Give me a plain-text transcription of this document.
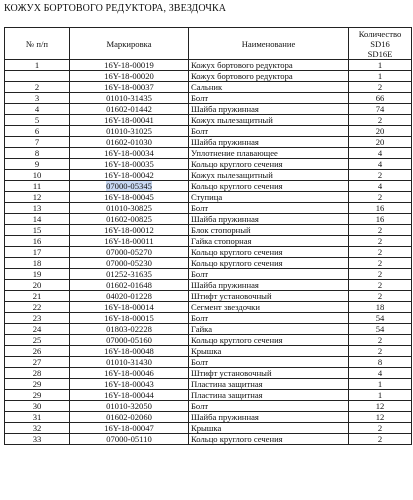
КОЖУХ БОРТОВОГО РЕДУКТОРА, ЗВЕЗДОЧКА
№ п/п	Маркировка	Наименование	Количество
SD16
SD16E

1	16Y-18-00019	Кожух бортового редуктора	1
	16Y-18-00020	Кожух бортового редуктора	1
2	16Y-18-00037	Сальник	2
3	01010-31435	Болт	66
4	01602-01442	Шайба пружинная	74
5	16Y-18-00041	Кожух пылезащитный	2
6	01010-31025	Болт	20
7	01602-01030	Шайба пружинная	20
8	16Y-18-00034	Уплотнение плавающее	4
9	16Y-18-00035	Кольцо круглого сечения	4
10	16Y-18-00042	Кожух пылезащитный	2
11	07000-05345	Кольцо круглого сечения	4
12	16Y-18-00045	Ступица	2
13	01010-30825	Болт	16
14	01602-00825	Шайба пружинная	16
15	16Y-18-00012	Блок стопорный	2
16	16Y-18-00011	Гайка стопорная	2
17	07000-05270	Кольцо круглого сечения	2
18	07000-05230	Кольцо круглого сечения	2
19	01252-31635	Болт	2
20	01602-01648	Шайба пружинная	2
21	04020-01228	Штифт установочный	2
22	16Y-18-00014	Сегмент звездочки	18
23	16Y-18-00015	Болт	54
24	01803-02228	Гайка	54
25	07000-05160	Кольцо круглого сечения	2
26	16Y-18-00048	Крышка	2
27	01010-31430	Болт	8
28	16Y-18-00046	Штифт установочный	4
29	16Y-18-00043	Пластина защитная	1
29	16Y-18-00044	Пластина защитная	1
30	01010-32050	Болт	12
31	01602-02060	Шайба пружинная	12
32	16Y-18-00047	Крышка	2
33	07000-05110	Кольцо круглого сечения	2
